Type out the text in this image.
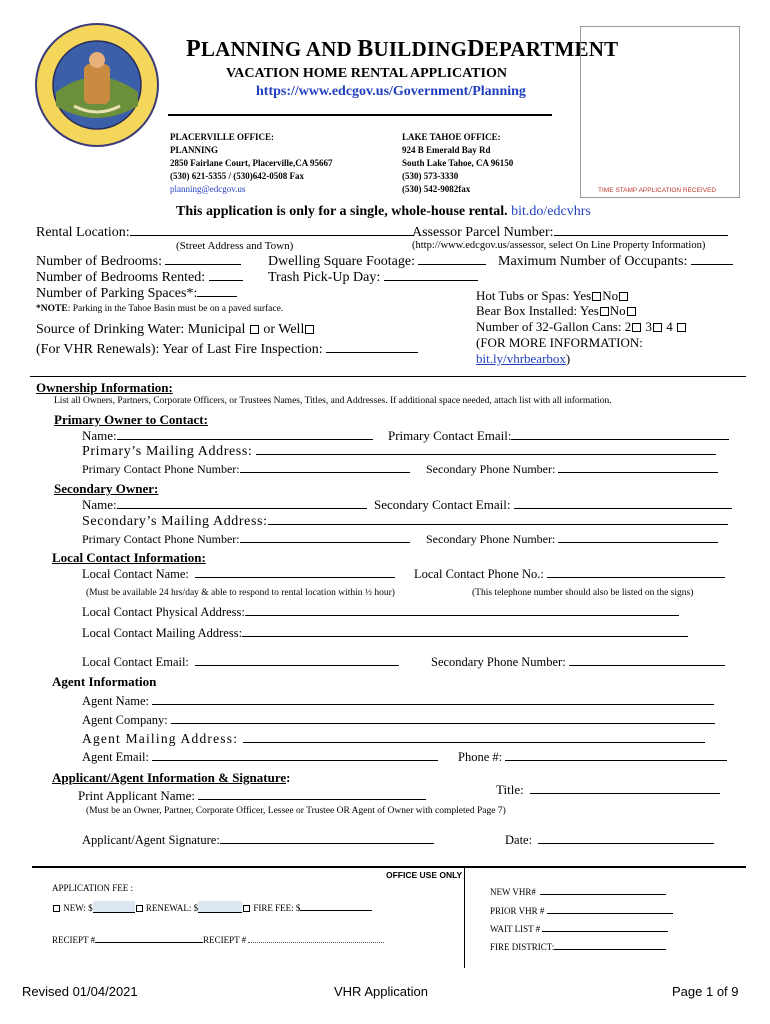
PLANNING AND BUILDINGDEPARTMENT
VACATION HOME RENTAL APPLICATION
https://www.edcgov.us/Government/Planning
TIME STAMP APPLICATION RECEIVED
PLACERVILLE OFFICE:
PLANNING
2850 Fairlane Court, Placerville,CA 95667
(530) 621-5355 / (530)642-0508 Fax
planning@edcgov.us
LAKE TAHOE OFFICE:
924 B Emerald Bay Rd
South Lake Tahoe, CA 96150
(530) 573-3330
(530) 542-9082fax
This application is only for a single, whole-house rental. bit.do/edcvhrs
Rental Location:
(Street Address and Town)
Assessor Parcel Number:
(http://www.edcgov.us/assessor, select On Line Property Information)
Number of Bedrooms:	Dwelling Square Footage:	Maximum Number of Occupants:
Number of Bedrooms Rented:	Trash Pick-Up Day:
Number of Parking Spaces*:
*NOTE: Parking in the Tahoe Basin must be on a paved surface.
Hot Tubs or Spas: Yes No
Bear Box Installed: Yes No
Number of 32-Gallon Cans: 2 3 4
(FOR MORE INFORMATION:
bit.ly/vhrbearbox)
Source of Drinking Water: Municipal or Well
(For VHR Renewals): Year of Last Fire Inspection:
Ownership Information:
List all Owners, Partners, Corporate Officers, or Trustees Names, Titles, and Addresses. If additional space needed, attach list with all information.
Primary Owner to Contact:
Name:	Primary Contact Email:
Primary’s Mailing Address:
Primary Contact Phone Number:	Secondary Phone Number:
Secondary Owner:
Name:	Secondary Contact Email:
Secondary’s Mailing Address:
Primary Contact Phone Number:	Secondary Phone Number:
Local Contact Information:
Local Contact Name:	Local Contact Phone No.:
(Must be available 24 hrs/day & able to respond to rental location within ½ hour)	(This telephone number should also be listed on the signs)
Local Contact Physical Address:
Local Contact Mailing Address:
Local Contact Email:	Secondary Phone Number:
Agent Information
Agent Name:
Agent Company:
Agent Mailing Address:
Agent Email:	Phone #:
Applicant/Agent Information & Signature:
Print Applicant Name:	Title:
(Must be an Owner, Partner, Corporate Officer, Lessee or Trustee OR Agent of Owner with completed Page 7)
Applicant/Agent Signature:	Date:
OFFICE USE ONLY
APPLICATION FEE :
NEW: $	RENEWAL: $	FIRE FEE: $
RECIEPT #	RECIEPT #
NEW VHR#
PRIOR VHR #
WAIT LIST #
FIRE DISTRICT:
Revised 01/04/2021	VHR Application	Page 1 of 9
